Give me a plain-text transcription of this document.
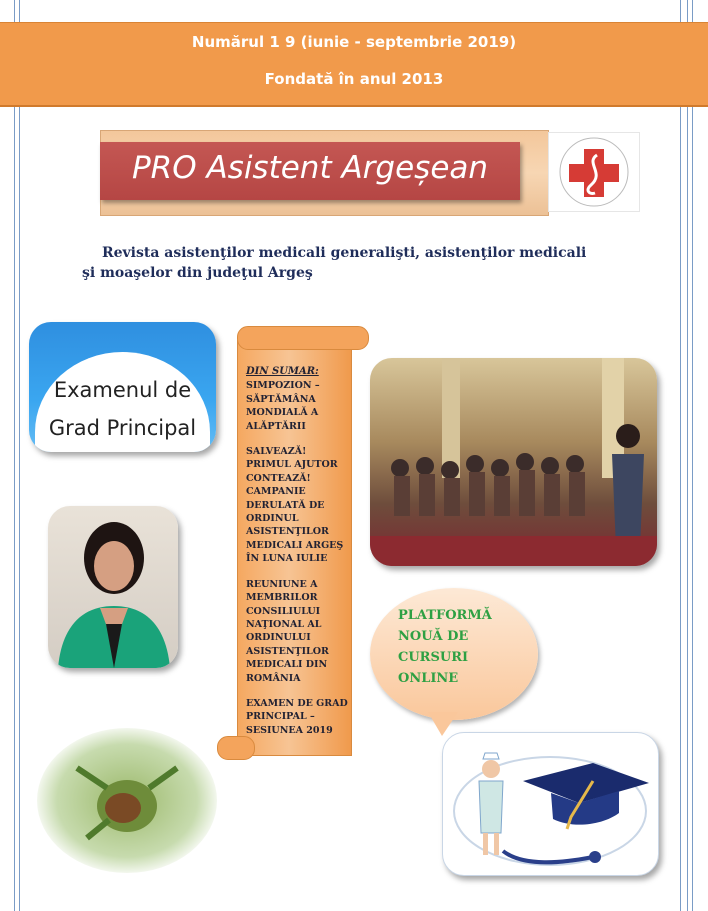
Numărul 1 9 (iunie - septembrie 2019)
Fondată în anul 2013
PRO Asistent Argeșean
Revista asistenţilor medicali generalişti, asistenţilor medicali şi moaşelor din judeţul Argeş
Examenul de
Grad Principal
DIN SUMAR:
SIMPOZION – SĂPTĂMÂNA MONDIALĂ A ALĂPTĂRII
SALVEAZĂ! PRIMUL AJUTOR CONTEAZĂ! CAMPANIE DERULATĂ DE ORDINUL ASISTENŢILOR MEDICALI ARGEŞ ÎN LUNA IULIE
REUNIUNE A MEMBRILOR CONSILIULUI NAŢIONAL AL ORDINULUI ASISTENŢILOR MEDICALI DIN ROMÂNIA
EXAMEN DE GRAD PRINCIPAL – SESIUNEA 2019
PLATFORMĂ NOUĂ DE CURSURI ONLINE
